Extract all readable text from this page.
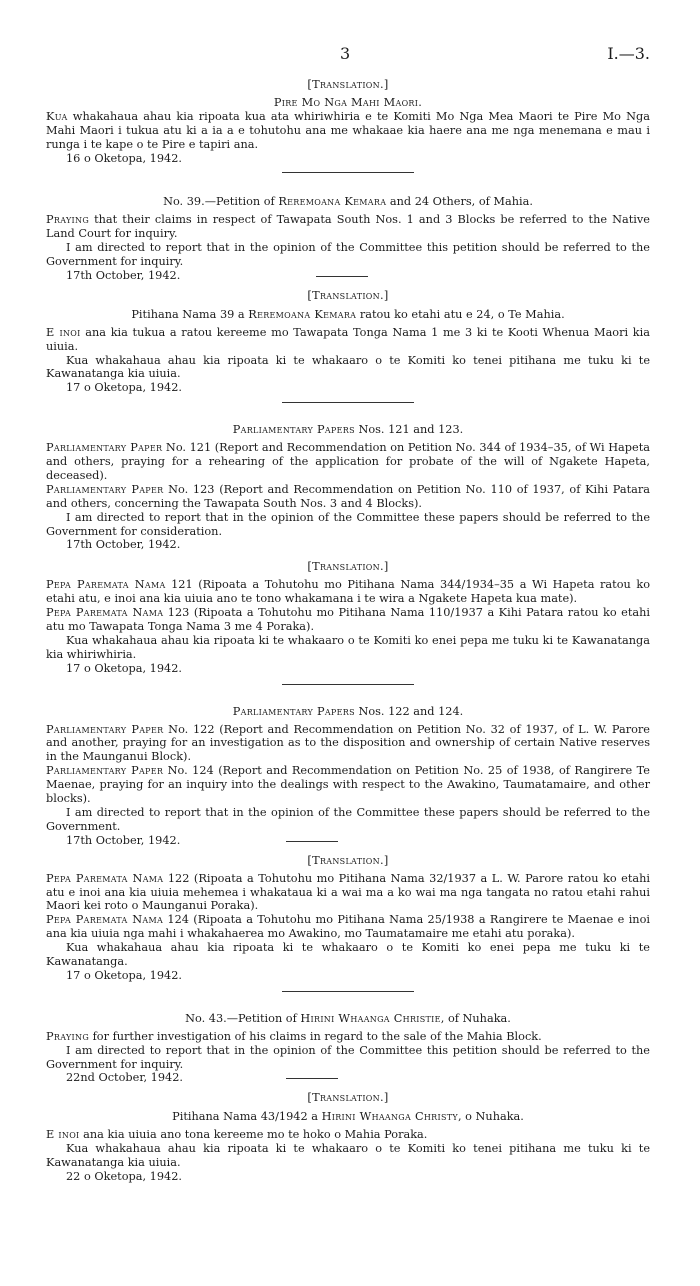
3	I.—3.

[Translation.]

Pire Mo Nga Mahi Maori.

Kua whakahaua ahau kia ripoata kua ata whiriwhiria e te Komiti Mo Nga Mea Maori te Pire Mo Nga Mahi Maori i tukua atu ki a ia a e tohutohu ana me whakaae kia haere ana me nga menemana e mau i runga i te kape o te Pire e tapiri ana.

16 o Oketopa, 1942.

No. 39.—Petition of Reremoana Kemara and 24 Others, of Mahia.

Praying that their claims in respect of Tawapata South Nos. 1 and 3 Blocks be referred to the Native Land Court for inquiry.

I am directed to report that in the opinion of the Committee this petition should be referred to the Government for inquiry.

17th October, 1942.

[Translation.]

Pitihana Nama 39 a Reremoana Kemara ratou ko etahi atu e 24, o Te Mahia.

E inoi ana kia tukua a ratou kereeme mo Tawapata Tonga Nama 1 me 3 ki te Kooti Whenua Maori kia uiuia.

Kua whakahaua ahau kia ripoata ki te whakaaro o te Komiti ko tenei pitihana me tuku ki te Kawanatanga kia uiuia.

17 o Oketopa, 1942.

Parliamentary Papers Nos. 121 and 123.

Parliamentary Paper No. 121 (Report and Recommendation on Petition No. 344 of 1934–35, of Wi Hapeta and others, praying for a rehearing of the application for probate of the will of Ngakete Hapeta, deceased).

Parliamentary Paper No. 123 (Report and Recommendation on Petition No. 110 of 1937, of Kihi Patara and others, concerning the Tawapata South Nos. 3 and 4 Blocks).

I am directed to report that in the opinion of the Committee these papers should be referred to the Government for consideration.

17th October, 1942.

[Translation.]

Pepa Paremata Nama 121 (Ripoata a Tohutohu mo Pitihana Nama 344/1934–35 a Wi Hapeta ratou ko etahi atu, e inoi ana kia uiuia ano te tono whakamana i te wira a Ngakete Hapeta kua mate).

Pepa Paremata Nama 123 (Ripoata a Tohutohu mo Pitihana Nama 110/1937 a Kihi Patara ratou ko etahi atu mo Tawapata Tonga Nama 3 me 4 Poraka).

Kua whakahaua ahau kia ripoata ki te whakaaro o te Komiti ko enei pepa me tuku ki te Kawanatanga kia whiriwhiria.

17 o Oketopa, 1942.

Parliamentary Papers Nos. 122 and 124.

Parliamentary Paper No. 122 (Report and Recommendation on Petition No. 32 of 1937, of L. W. Parore and another, praying for an investigation as to the disposition and ownership of certain Native reserves in the Maunganui Block).

Parliamentary Paper No. 124 (Report and Recommendation on Petition No. 25 of 1938, of Rangirere Te Maenae, praying for an inquiry into the dealings with respect to the Awakino, Taumatamaire, and other blocks).

I am directed to report that in the opinion of the Committee these papers should be referred to the Government.

17th October, 1942.

[Translation.]

Pepa Paremata Nama 122 (Ripoata a Tohutohu mo Pitihana Nama 32/1937 a L. W. Parore ratou ko etahi atu e inoi ana kia uiuia mehemea i whakataua ki a wai ma a ko wai ma nga tangata no ratou etahi rahui Maori kei roto o Maunganui Poraka).

Pepa Paremata Nama 124 (Ripoata a Tohutohu mo Pitihana Nama 25/1938 a Rangirere te Maenae e inoi ana kia uiuia nga mahi i whakahaerea mo Awakino, mo Taumatamaire me etahi atu poraka).

Kua whakahaua ahau kia ripoata ki te whakaaro o te Komiti ko enei pepa me tuku ki te Kawanatanga.

17 o Oketopa, 1942.

No. 43.—Petition of Hirini Whaanga Christie, of Nuhaka.

Praying for further investigation of his claims in regard to the sale of the Mahia Block.

I am directed to report that in the opinion of the Committee this petition should be referred to the Government for inquiry.

22nd October, 1942.

[Translation.]

Pitihana Nama 43/1942 a Hirini Whaanga Christy, o Nuhaka.

E inoi ana kia uiuia ano tona kereeme mo te hoko o Mahia Poraka.

Kua whakahaua ahau kia ripoata ki te whakaaro o te Komiti ko tenei pitihana me tuku ki te Kawanatanga kia uiuia.

22 o Oketopa, 1942.
